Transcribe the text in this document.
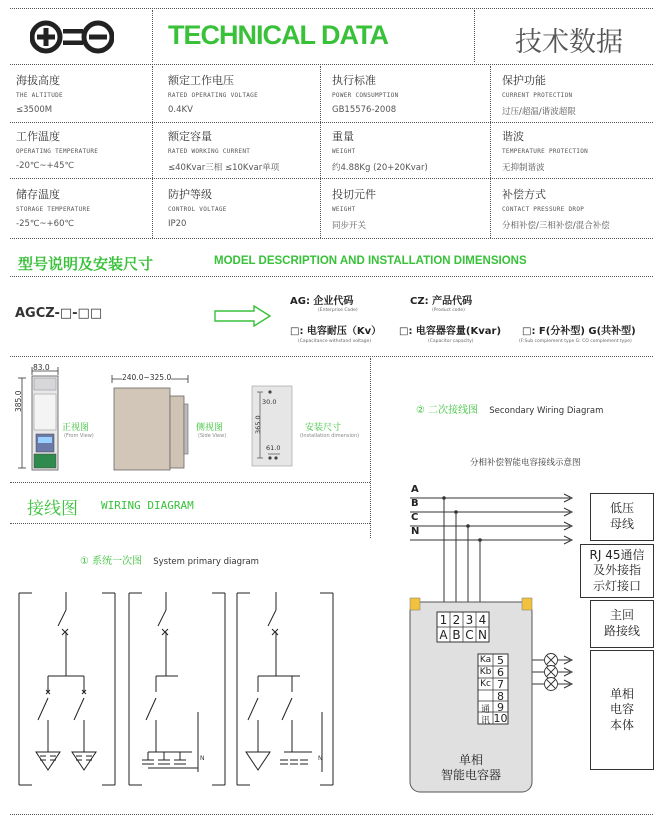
TECHNICAL DATA	技术数据
海拔高度
THE ALTITUDE
≤3500M
额定工作电压
RATED OPERATING VOLTAGE
0.4KV
执行标准
POWER CONSUMPTION
GB15576-2008
保护功能
CURRENT PROTECTION
过压/超温/谐波超限
工作温度
OPERATING TEMPERATURE
-20℃~+45℃
额定容量
RATED WORKING CURRENT
≤40Kvar三相 ≤10Kvar单项
重量
WEIGHT
约4.88Kg (20+20Kvar)
谐波
TEMPERATURE PROTECTION
无抑制谐波
储存温度
STORAGE TEMPERATURE
-25℃~+60℃
防护等级
CONTROL VOLTAGE
IP20
投切元件
WEIGHT
同步开关
补偿方式
CONTACT PRESSURE DROP
分相补偿/三相补偿/混合补偿
型号说明及安装尺寸	MODEL DESCRIPTION AND INSTALLATION DIMENSIONS
AGCZ-□-□□
AG: 企业代码
(Enterprise Code)
CZ: 产品代码
(Product code)
□: 电容耐压（Kv）
(Capacitance withstand voltage)
□: 电容器容量(Kvar)
(Capacitor capacity)
□: F(分补型) G(共补型)
(F:Sub complement type G: CO complement type)
83.0
385.0
正视图
(From View)
240.0~325.0
侧视图
(Side View)
30.0
365.0
61.0
安装尺寸
(Installation dimension)
接线图 WIRING DIAGRAM
① 系统一次图 System primary diagram
N	N
② 二次接线图 Secondary Wiring Diagram
分相补偿智能电容接线示意图
A
B
C
N
1
A
2
B
3
C
4
N
Ka 5
Kb 6
Kc 7
8
通 9
讯 10
单相
智能电容器
低压
母线
RJ 45通信
及外接指
示灯接口
主回
路接线
单相
电容
本体
